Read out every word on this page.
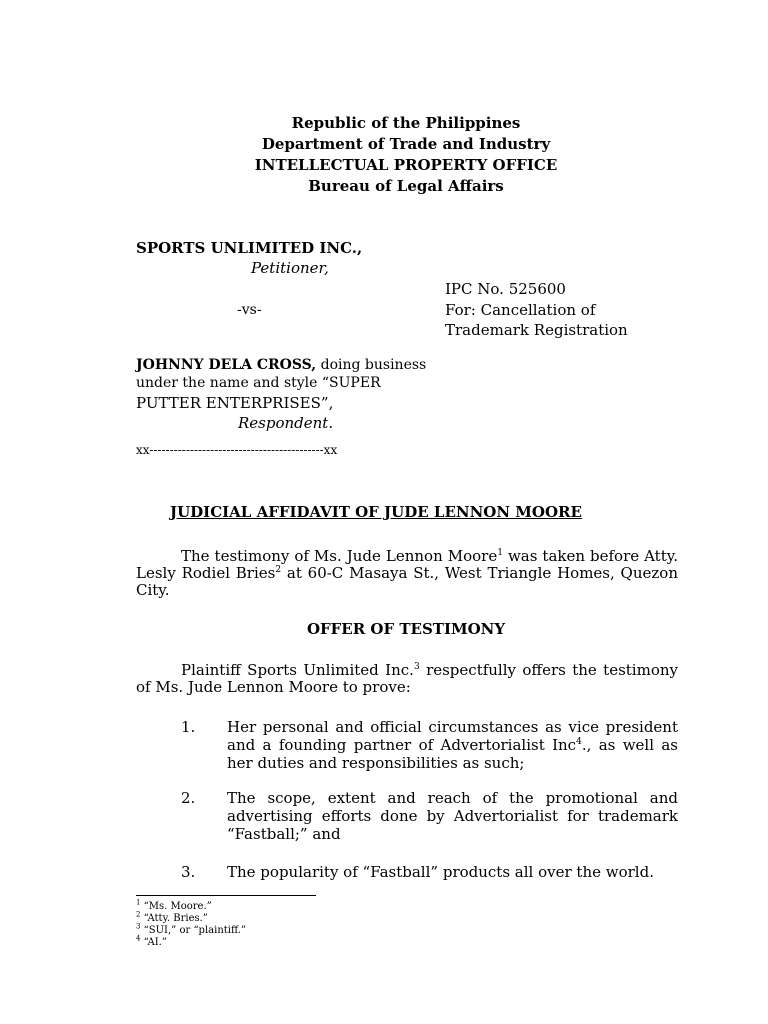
Republic of the Philippines
Department of Trade and Industry
INTELLECTUAL PROPERTY OFFICE
Bureau of Legal Affairs
SPORTS UNLIMITED INC.,
Petitioner,
IPC No. 525600
-vs-	For: Cancellation of
Trademark Registration
JOHNNY DELA CROSS, doing business
under the name and style “SUPER
PUTTER ENTERPRISES”,
Respondent.
xx-------------------------------------------xx
JUDICIAL AFFIDAVIT OF JUDE LENNON MOORE
The testimony of Ms. Jude Lennon Moore$^1$ was taken before Atty. Lesly Rodiel Bries$^2$ at 60-C Masaya St., West Triangle Homes, Quezon City.
OFFER OF TESTIMONY
Plaintiff Sports Unlimited Inc.$^3$ respectfully offers the testimony of Ms. Jude Lennon Moore to prove:
1. Her personal and official circumstances as vice president and a founding partner of Advertorialist Inc$^4$., as well as her duties and responsibilities as such;
2. The scope, extent and reach of the promotional and advertising efforts done by Advertorialist for trademark “Fastball;” and
3. The popularity of “Fastball” products all over the world.
$^1$ “Ms. Moore.”
$^2$ “Atty. Bries.”
$^3$ “SUI,” or “plaintiff.”
$^4$ “AI.”
